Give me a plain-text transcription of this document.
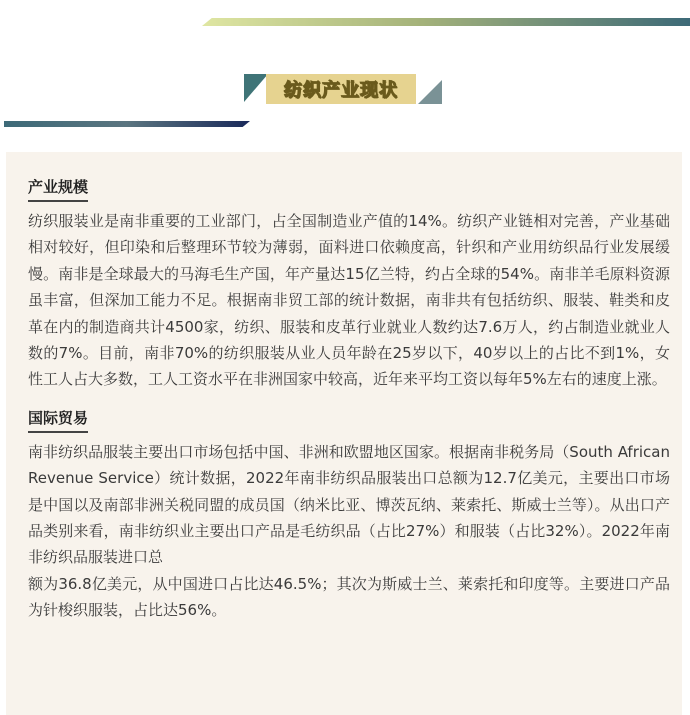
纺织产业现状
产业规模

纺织服装业是南非重要的工业部门，占全国制造业产值的14%。纺织产业链相对完善，产业基础相对较好，但印染和后整理环节较为薄弱，面料进口依赖度高，针织和产业用纺织品行业发展缓慢。南非是全球最大的马海毛生产国，年产量达15亿兰特，约占全球的54%。南非羊毛原料资源虽丰富，但深加工能力不足。根据南非贸工部的统计数据，南非共有包括纺织、服装、鞋类和皮革在内的制造商共计4500家，纺织、服装和皮革行业就业人数约达7.6万人，约占制造业就业人数的7%。目前，南非70%的纺织服装从业人员年龄在25岁以下，40岁以上的占比不到1%，女性工人占大多数，工人工资水平在非洲国家中较高，近年来平均工资以每年5%左右的速度上涨。

国际贸易

南非纺织品服装主要出口市场包括中国、非洲和欧盟地区国家。根据南非税务局（South African Revenue Service）统计数据，2022年南非纺织品服装出口总额为12.7亿美元，主要出口市场是中国以及南部非洲关税同盟的成员国（纳米比亚、博茨瓦纳、莱索托、斯威士兰等）。从出口产品类别来看，南非纺织业主要出口产品是毛纺织品（占比27%）和服装（占比32%）。2022年南非纺织品服装进口总

额为36.8亿美元，从中国进口占比达46.5%；其次为斯威士兰、莱索托和印度等。主要进口产品为针梭织服装，占比达56%。
